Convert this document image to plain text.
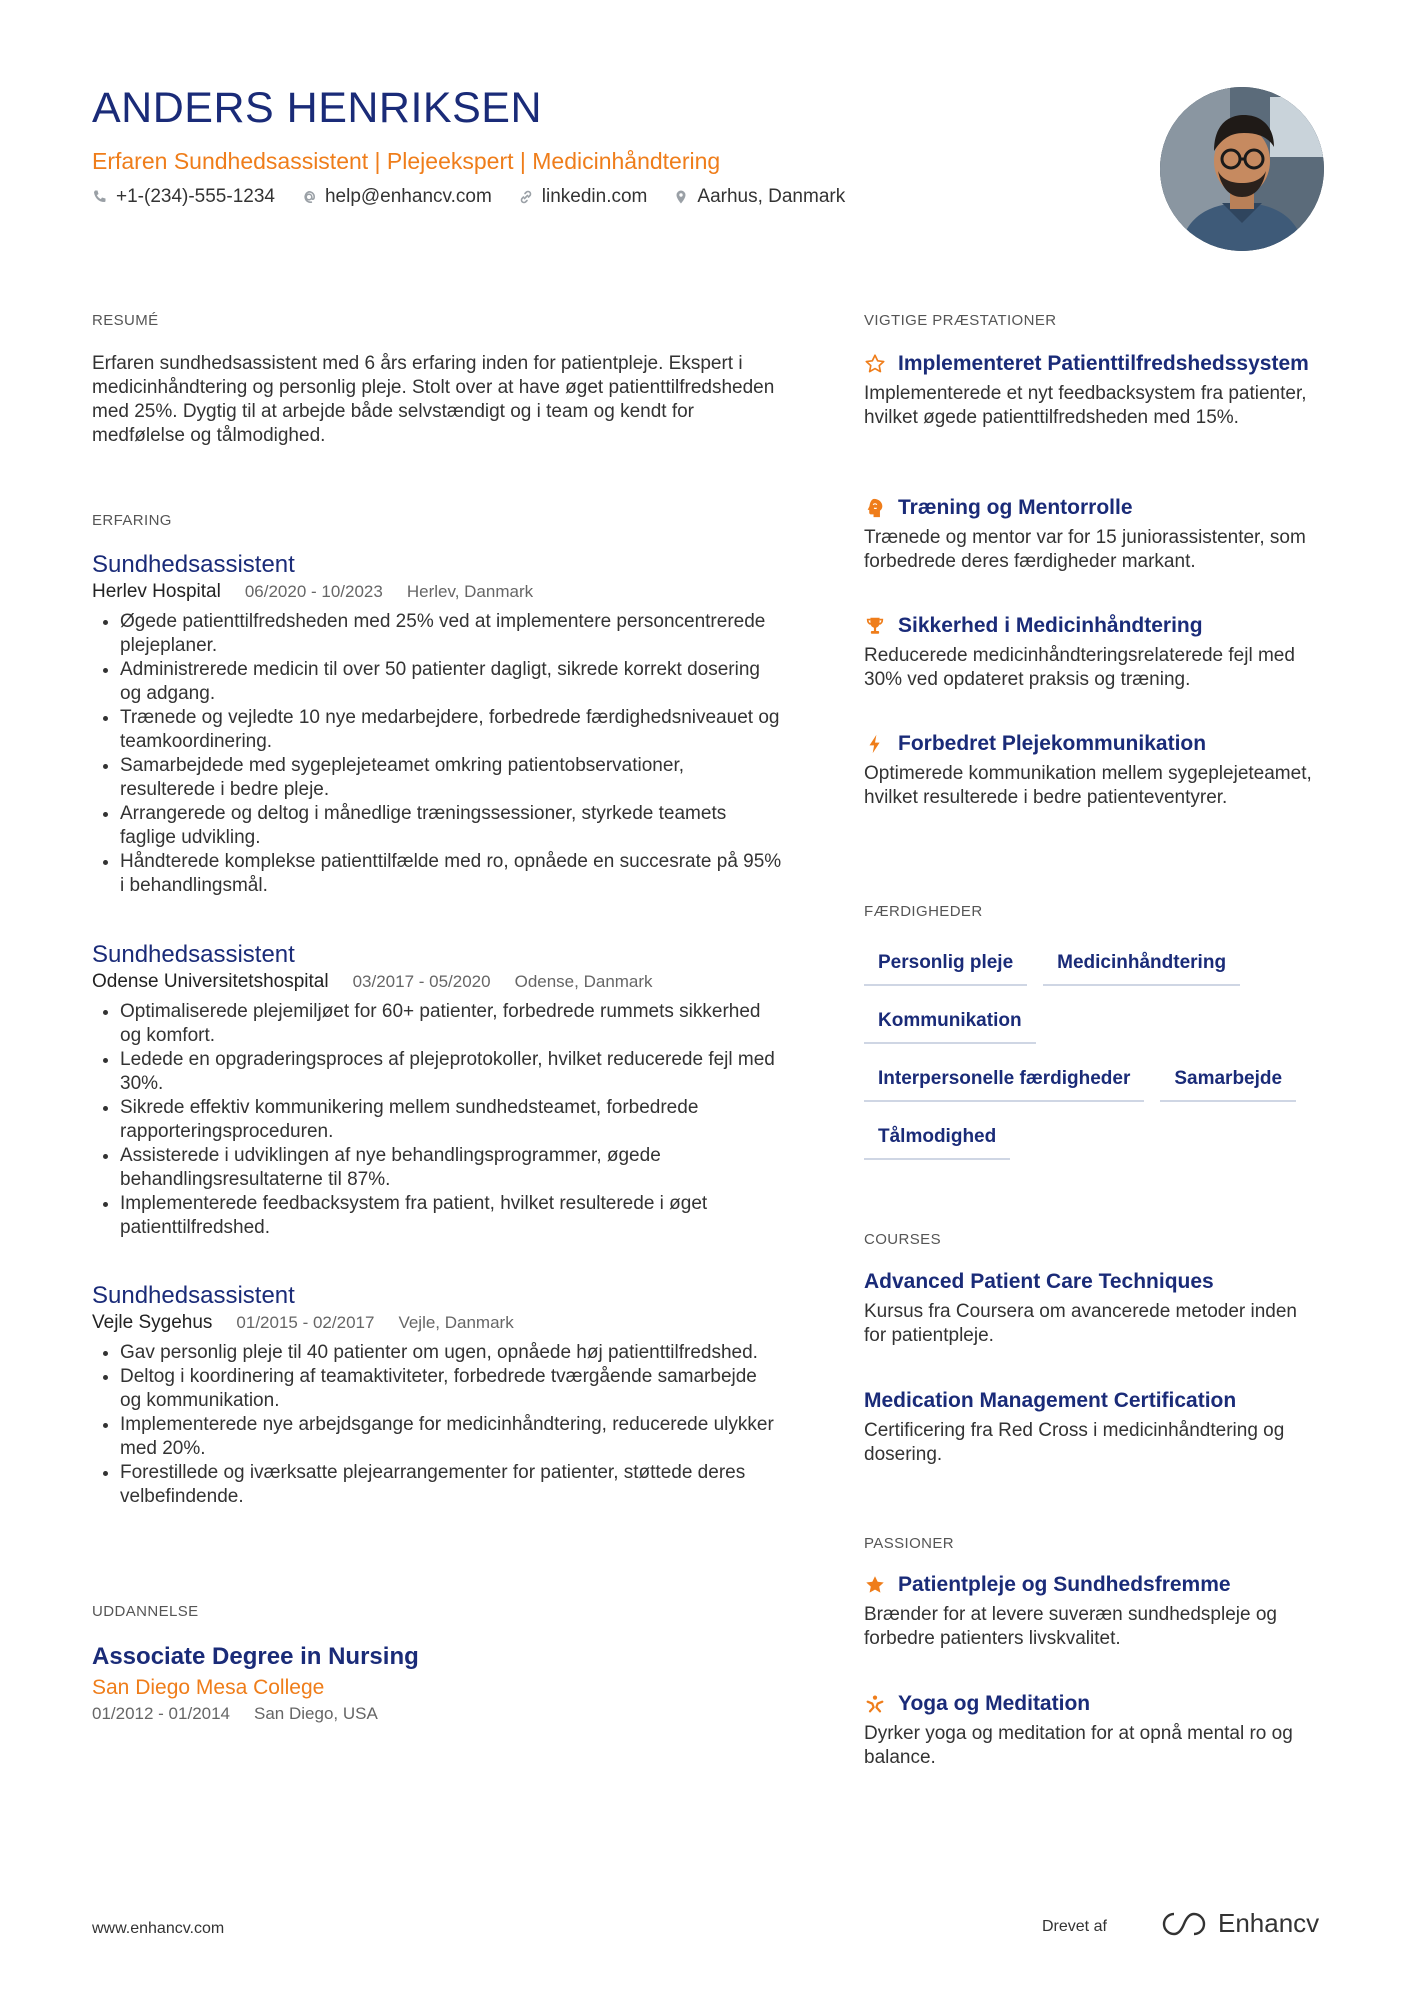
ANDERS HENRIKSEN

Erfaren Sundhedsassistent | Plejeekspert | Medicinhåndtering

+1-(234)-555-1234	help@enhancv.com	linkedin.com	Aarhus, Danmark
RESUMÉ

Erfaren sundhedsassistent med 6 års erfaring inden for patientpleje. Ekspert i medicinhåndtering og personlig pleje. Stolt over at have øget patienttilfredsheden med 25%. Dygtig til at arbejde både selvstændigt og i team og kendt for medfølelse og tålmodighed.

ERFARING
Sundhedsassistent
Herlev Hospital 06/2020 - 10/2023 Herlev, Danmark
• Øgede patienttilfredsheden med 25% ved at implementere personcentrerede plejeplaner.
• Administrerede medicin til over 50 patienter dagligt, sikrede korrekt dosering og adgang.
• Trænede og vejledte 10 nye medarbejdere, forbedrede færdighedsniveauet og teamkoordinering.
• Samarbejdede med sygeplejeteamet omkring patientobservationer, resulterede i bedre pleje.
• Arrangerede og deltog i månedlige træningssessioner, styrkede teamets faglige udvikling.
• Håndterede komplekse patienttilfælde med ro, opnåede en succesrate på 95% i behandlingsmål.
Sundhedsassistent
Odense Universitetshospital 03/2017 - 05/2020 Odense, Danmark
• Optimaliserede plejemiljøet for 60+ patienter, forbedrede rummets sikkerhed og komfort.
• Ledede en opgraderingsproces af plejeprotokoller, hvilket reducerede fejl med 30%.
• Sikrede effektiv kommunikering mellem sundhedsteamet, forbedrede rapporteringsproceduren.
• Assisterede i udviklingen af nye behandlingsprogrammer, øgede behandlingsresultaterne til 87%.
• Implementerede feedbacksystem fra patient, hvilket resulterede i øget patienttilfredshed.
Sundhedsassistent
Vejle Sygehus 01/2015 - 02/2017 Vejle, Danmark
• Gav personlig pleje til 40 patienter om ugen, opnåede høj patienttilfredshed.
• Deltog i koordinering af teamaktiviteter, forbedrede tværgående samarbejde og kommunikation.
• Implementerede nye arbejdsgange for medicinhåndtering, reducerede ulykker med 20%.
• Forestillede og iværksatte plejearrangementer for patienter, støttede deres velbefindende.
UDDANNELSE
Associate Degree in Nursing

San Diego Mesa College

01/2012 - 01/2014 San Diego, USA
VIGTIGE PRÆSTATIONER
Implementeret Patienttilfredshedssystem

Implementerede et nyt feedbacksystem fra patienter, hvilket øgede patienttilfredsheden med 15%.

Træning og Mentorrolle

Trænede og mentor var for 15 juniorassistenter, som forbedrede deres færdigheder markant.

Sikkerhed i Medicinhåndtering

Reducerede medicinhåndteringsrelaterede fejl med 30% ved opdateret praksis og træning.

Forbedret Plejekommunikation

Optimerede kommunikation mellem sygeplejeteamet, hvilket resulterede i bedre patienteventyrer.

FÆRDIGHEDER
Personlig pleje	Medicinhåndtering
Kommunikation
Interpersonelle færdigheder	Samarbejde
Tålmodighed
COURSES
Advanced Patient Care Techniques

Kursus fra Coursera om avancerede metoder inden for patientpleje.

Medication Management Certification

Certificering fra Red Cross i medicinhåndtering og dosering.

PASSIONER
Patientpleje og Sundhedsfremme

Brænder for at levere suveræn sundhedspleje og forbedre patienters livskvalitet.

Yoga og Meditation

Dyrker yoga og meditation for at opnå mental ro og balance.

www.enhancv.com	Drevet af	Enhancv
